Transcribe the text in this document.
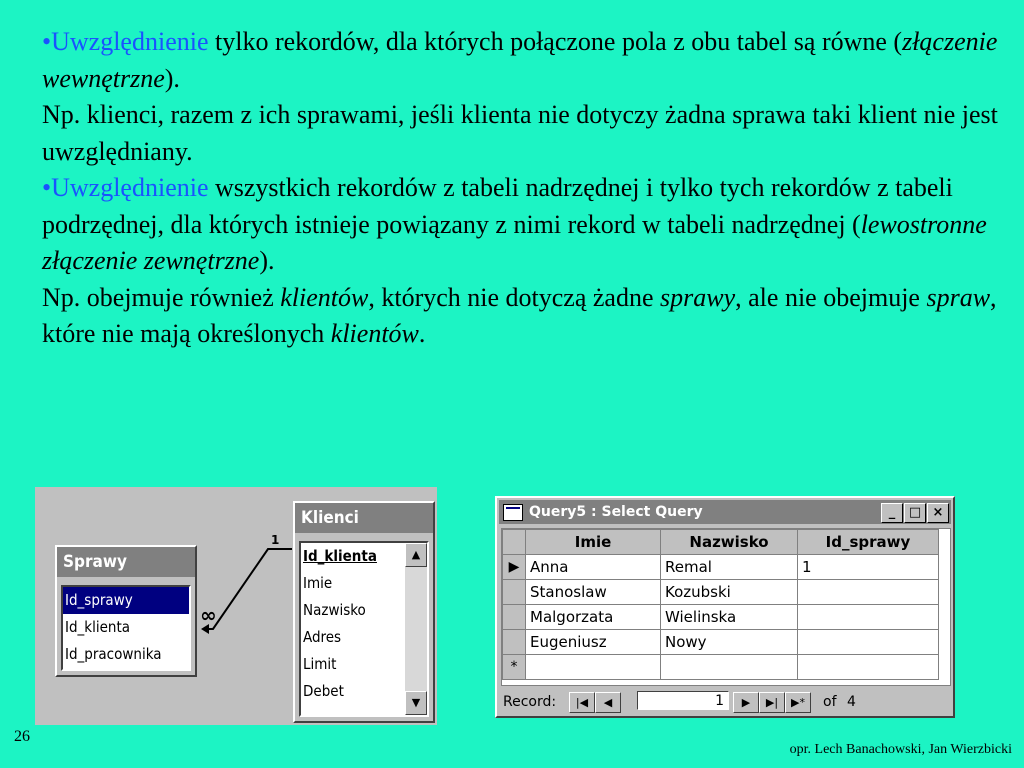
•Uwzględnienie tylko rekordów, dla których połączone pola z obu tabel są równe (złączenie wewnętrzne).

Np. klienci, razem z ich sprawami, jeśli klienta nie dotyczy żadna sprawa taki klient nie jest uwzględniany.

•Uwzględnienie wszystkich rekordów z tabeli nadrzędnej i tylko tych rekordów z tabeli podrzędnej, dla których istnieje powiązany z nimi rekord w tabeli nadrzędnej (lewostronne złączenie zewnętrzne).

Np. obejmuje również klientów, których nie dotyczą żadne sprawy, ale nie obejmuje spraw, które nie mają określonych klientów.

1
∞
Sprawy
Id_sprawy
Id_klienta
Id_pracownika
Klienci
Id_klienta
Imie
Nazwisko
Adres
Limit
Debet
▲
▼
Query5 : Select Query	_	□ ×
	Imie	Nazwisko	Id_sprawy
▶	Anna	Remal	1
	Stanoslaw	Kozubski	
	Malgorzata	Wielinska	
	Eugeniusz	Nowy	
*			
Record:	|◀	◀	1	▶	▶|	▶*	of 4
26
opr. Lech Banachowski, Jan Wierzbicki
